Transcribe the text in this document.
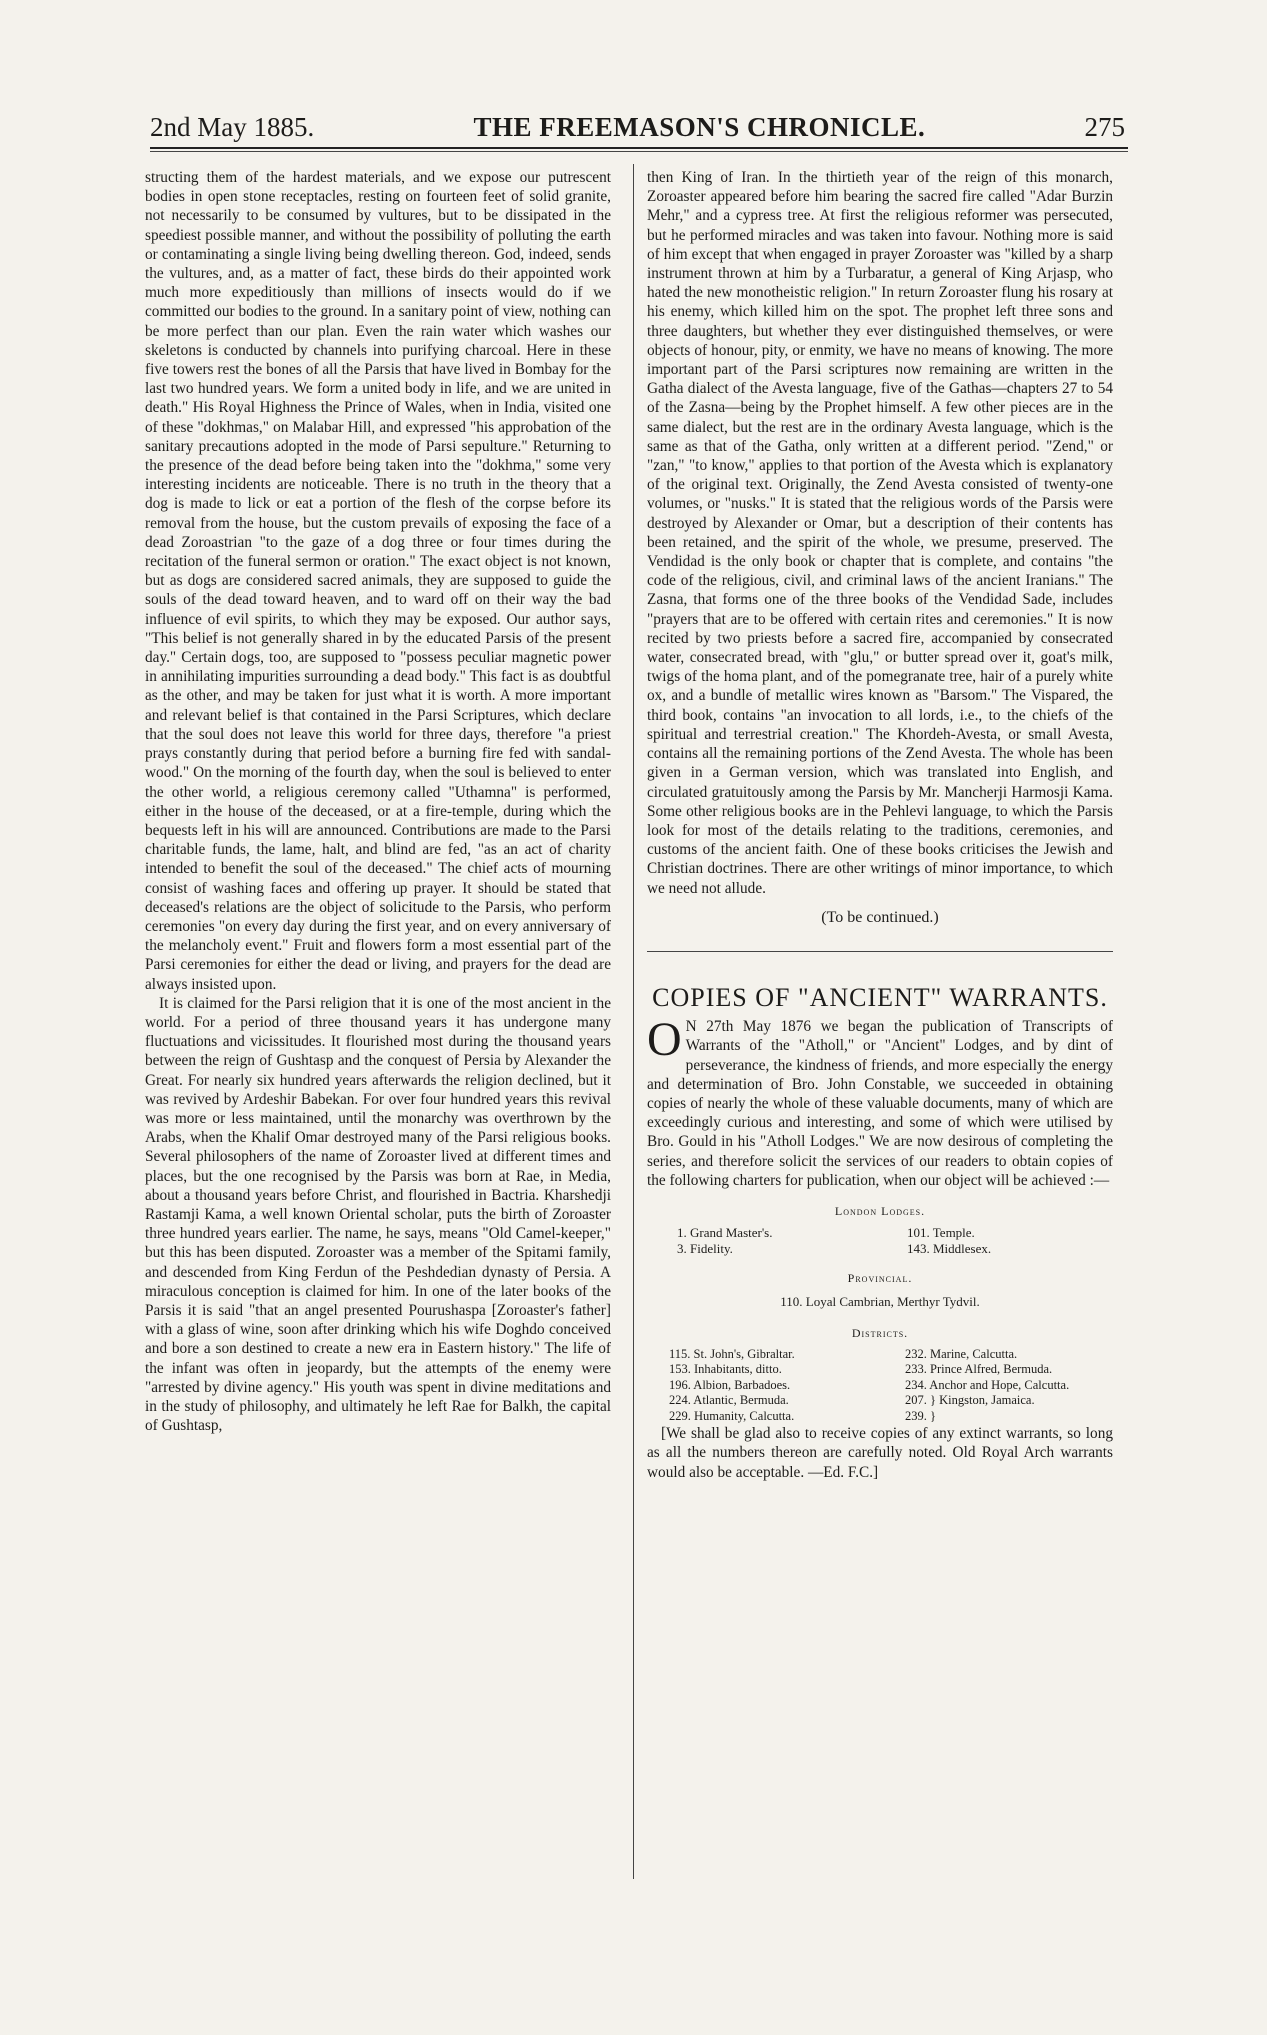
2nd May 1885.	THE FREEMASON'S CHRONICLE.	275

structing them of the hardest materials, and we expose our putrescent bodies in open stone receptacles, resting on fourteen feet of solid granite, not necessarily to be consumed by vultures, but to be dissipated in the speediest possible manner, and without the possibility of polluting the earth or contaminating a single living being dwelling thereon. God, indeed, sends the vultures, and, as a matter of fact, these birds do their appointed work much more expeditiously than millions of insects would do if we committed our bodies to the ground. In a sanitary point of view, nothing can be more perfect than our plan. Even the rain water which washes our skeletons is conducted by channels into purifying charcoal. Here in these five towers rest the bones of all the Parsis that have lived in Bombay for the last two hundred years. We form a united body in life, and we are united in death." His Royal Highness the Prince of Wales, when in India, visited one of these "dokhmas," on Malabar Hill, and expressed "his approbation of the sanitary precautions adopted in the mode of Parsi sepulture." Returning to the presence of the dead before being taken into the "dokhma," some very interesting incidents are noticeable. There is no truth in the theory that a dog is made to lick or eat a portion of the flesh of the corpse before its removal from the house, but the custom prevails of exposing the face of a dead Zoroastrian "to the gaze of a dog three or four times during the recitation of the funeral sermon or oration." The exact object is not known, but as dogs are considered sacred animals, they are supposed to guide the souls of the dead toward heaven, and to ward off on their way the bad influence of evil spirits, to which they may be exposed. Our author says, "This belief is not generally shared in by the educated Parsis of the present day." Certain dogs, too, are supposed to "possess peculiar magnetic power in annihilating impurities surrounding a dead body." This fact is as doubtful as the other, and may be taken for just what it is worth. A more important and relevant belief is that contained in the Parsi Scriptures, which declare that the soul does not leave this world for three days, therefore "a priest prays constantly during that period before a burning fire fed with sandal-wood." On the morning of the fourth day, when the soul is believed to enter the other world, a religious ceremony called "Uthamna" is performed, either in the house of the deceased, or at a fire-temple, during which the bequests left in his will are announced. Contributions are made to the Parsi charitable funds, the lame, halt, and blind are fed, "as an act of charity intended to benefit the soul of the deceased." The chief acts of mourning consist of washing faces and offering up prayer. It should be stated that deceased's relations are the object of solicitude to the Parsis, who perform ceremonies "on every day during the first year, and on every anniversary of the melancholy event." Fruit and flowers form a most essential part of the Parsi ceremonies for either the dead or living, and prayers for the dead are always insisted upon.

It is claimed for the Parsi religion that it is one of the most ancient in the world. For a period of three thousand years it has undergone many fluctuations and vicissitudes. It flourished most during the thousand years between the reign of Gushtasp and the conquest of Persia by Alexander the Great. For nearly six hundred years afterwards the religion declined, but it was revived by Ardeshir Babekan. For over four hundred years this revival was more or less maintained, until the monarchy was overthrown by the Arabs, when the Khalif Omar destroyed many of the Parsi religious books. Several philosophers of the name of Zoroaster lived at different times and places, but the one recognised by the Parsis was born at Rae, in Media, about a thousand years before Christ, and flourished in Bactria. Kharshedji Rastamji Kama, a well known Oriental scholar, puts the birth of Zoroaster three hundred years earlier. The name, he says, means "Old Camel-keeper," but this has been disputed. Zoroaster was a member of the Spitami family, and descended from King Ferdun of the Peshdedian dynasty of Persia. A miraculous conception is claimed for him. In one of the later books of the Parsis it is said "that an angel presented Pourushaspa [Zoroaster's father] with a glass of wine, soon after drinking which his wife Doghdo conceived and bore a son destined to create a new era in Eastern history." The life of the infant was often in jeopardy, but the attempts of the enemy were "arrested by divine agency." His youth was spent in divine meditations and in the study of philosophy, and ultimately he left Rae for Balkh, the capital of Gushtasp,

then King of Iran. In the thirtieth year of the reign of this monarch, Zoroaster appeared before him bearing the sacred fire called "Adar Burzin Mehr," and a cypress tree. At first the religious reformer was persecuted, but he performed miracles and was taken into favour. Nothing more is said of him except that when engaged in prayer Zoroaster was "killed by a sharp instrument thrown at him by a Turbaratur, a general of King Arjasp, who hated the new monotheistic religion." In return Zoroaster flung his rosary at his enemy, which killed him on the spot. The prophet left three sons and three daughters, but whether they ever distinguished themselves, or were objects of honour, pity, or enmity, we have no means of knowing. The more important part of the Parsi scriptures now remaining are written in the Gatha dialect of the Avesta language, five of the Gathas—chapters 27 to 54 of the Zasna—being by the Prophet himself. A few other pieces are in the same dialect, but the rest are in the ordinary Avesta language, which is the same as that of the Gatha, only written at a different period. "Zend," or "zan," "to know," applies to that portion of the Avesta which is explanatory of the original text. Originally, the Zend Avesta consisted of twenty-one volumes, or "nusks." It is stated that the religious words of the Parsis were destroyed by Alexander or Omar, but a description of their contents has been retained, and the spirit of the whole, we presume, preserved. The Vendidad is the only book or chapter that is complete, and contains "the code of the religious, civil, and criminal laws of the ancient Iranians." The Zasna, that forms one of the three books of the Vendidad Sade, includes "prayers that are to be offered with certain rites and ceremonies." It is now recited by two priests before a sacred fire, accompanied by consecrated water, consecrated bread, with "glu," or butter spread over it, goat's milk, twigs of the homa plant, and of the pomegranate tree, hair of a purely white ox, and a bundle of metallic wires known as "Barsom." The Vispared, the third book, contains "an invocation to all lords, i.e., to the chiefs of the spiritual and terrestrial creation." The Khordeh-Avesta, or small Avesta, contains all the remaining portions of the Zend Avesta. The whole has been given in a German version, which was translated into English, and circulated gratuitously among the Parsis by Mr. Mancherji Harmosji Kama. Some other religious books are in the Pehlevi language, to which the Parsis look for most of the details relating to the traditions, ceremonies, and customs of the ancient faith. One of these books criticises the Jewish and Christian doctrines. There are other writings of minor importance, to which we need not allude.

(To be continued.)
COPIES OF "ANCIENT" WARRANTS.

O N 27th May 1876 we began the publication of Transcripts of Warrants of the "Atholl," or "Ancient" Lodges, and by dint of perseverance, the kindness of friends, and more especially the energy and determination of Bro. John Constable, we succeeded in obtaining copies of nearly the whole of these valuable documents, many of which are exceedingly curious and interesting, and some of which were utilised by Bro. Gould in his "Atholl Lodges." We are now desirous of completing the series, and therefore solicit the services of our readers to obtain copies of the following charters for publication, when our object will be achieved :—

London Lodges.
1. Grand Master's.	101. Temple.
3. Fidelity.	143. Middlesex.
Provincial.
110. Loyal Cambrian, Merthyr Tydvil.
Districts.
115. St. John's, Gibraltar.	232. Marine, Calcutta.
153. Inhabitants, ditto.	233. Prince Alfred, Bermuda.
196. Albion, Barbadoes.	234. Anchor and Hope, Calcutta.
224. Atlantic, Bermuda.	207. } Kingston, Jamaica.
229. Humanity, Calcutta.	239. }

[We shall be glad also to receive copies of any extinct warrants, so long as all the numbers thereon are carefully noted. Old Royal Arch warrants would also be acceptable. —Ed. F.C.]
